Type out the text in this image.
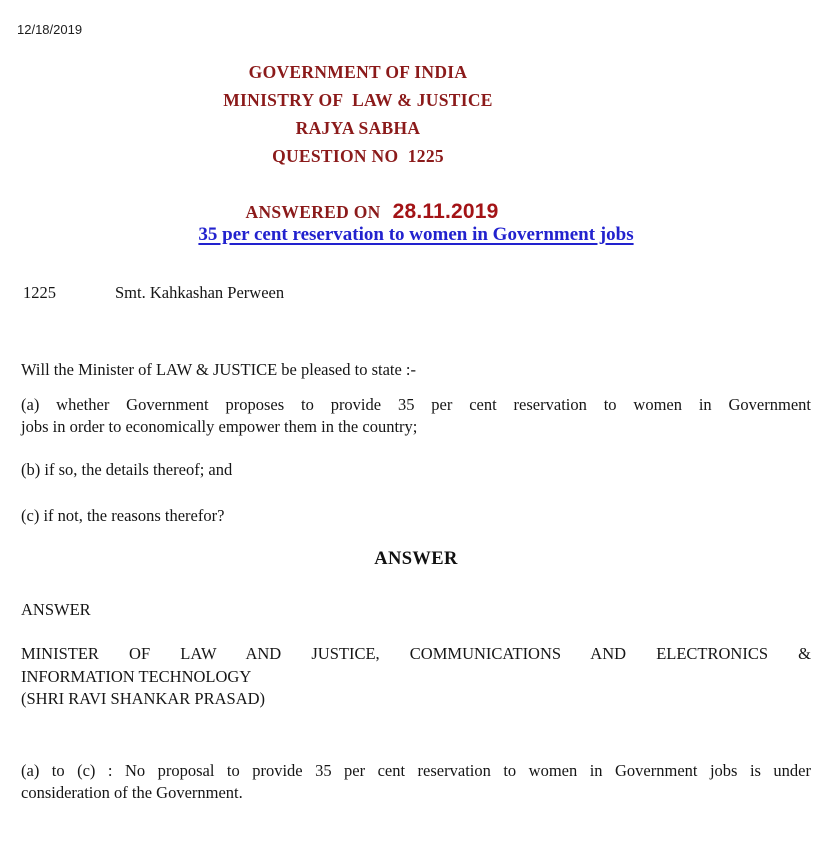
12/18/2019
GOVERNMENT OF INDIA
MINISTRY OF  LAW & JUSTICE
RAJYA SABHA
QUESTION NO  1225

ANSWERED ON 28.11.2019

35 per cent reservation to women in Government jobs
1225	Smt. Kahkashan Perween
Will the Minister of LAW & JUSTICE be pleased to state :-
(a) whether Government proposes to provide 35 per cent reservation to women in Government
jobs in order to economically empower them in the country;
(b) if so, the details thereof; and
(c) if not, the reasons therefor?
ANSWER
ANSWER
MINISTER OF LAW AND JUSTICE, COMMUNICATIONS AND ELECTRONICS &
INFORMATION TECHNOLOGY
(SHRI RAVI SHANKAR PRASAD)
(a) to (c) : No proposal to provide 35 per cent reservation to women in Government jobs is under
consideration of the Government.
